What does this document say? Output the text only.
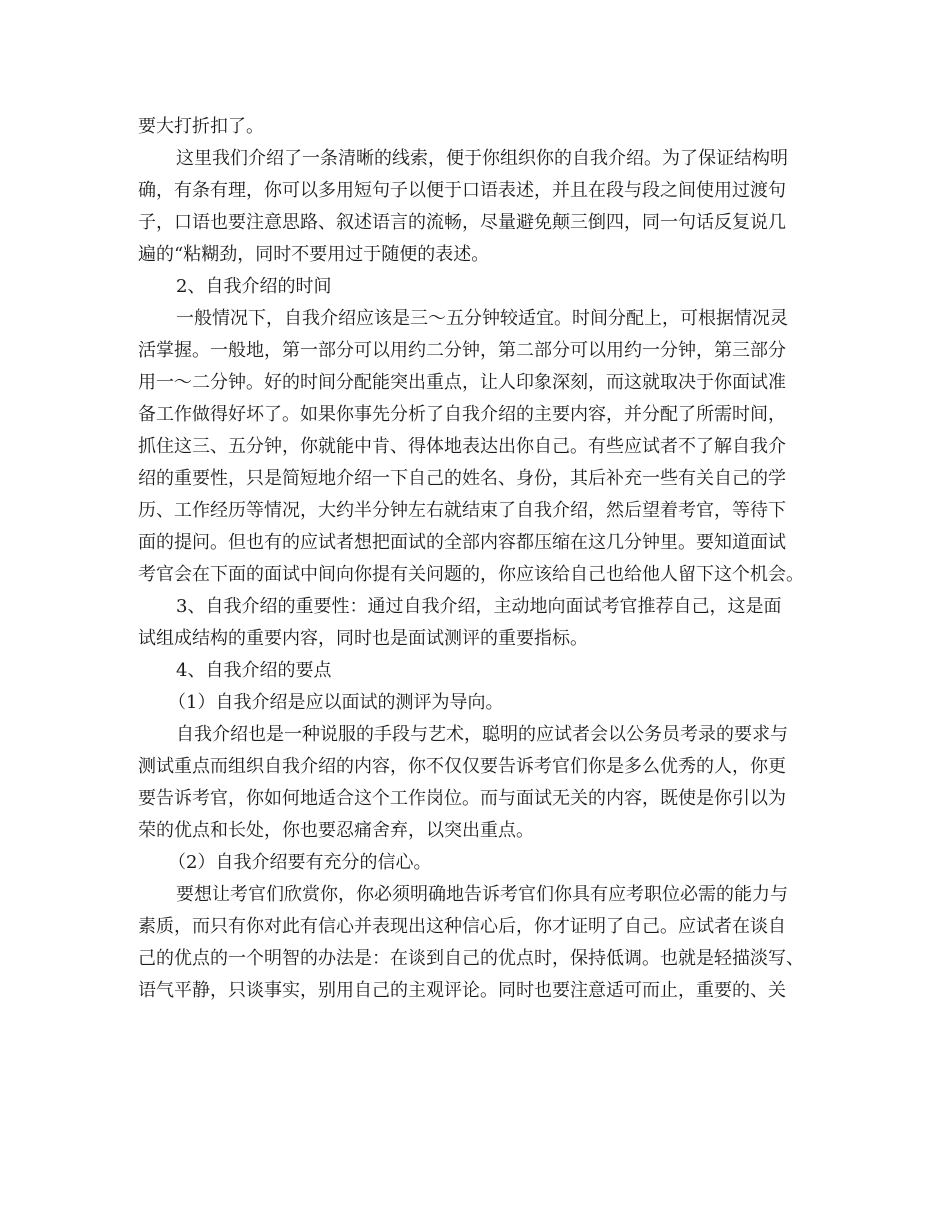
要大打折扣了。
这里我们介绍了一条清晰的线索，便于你组织你的自我介绍。为了保证结构明
确，有条有理，你可以多用短句子以便于口语表述，并且在段与段之间使用过渡句
子，口语也要注意思路、叙述语言的流畅，尽量避免颠三倒四，同一句话反复说几
遍的“粘糊劲，同时不要用过于随便的表述。
2、自我介绍的时间
一般情况下，自我介绍应该是三～五分钟较适宜。时间分配上，可根据情况灵
活掌握。一般地，第一部分可以用约二分钟，第二部分可以用约一分钟，第三部分
用一～二分钟。好的时间分配能突出重点，让人印象深刻，而这就取决于你面试准
备工作做得好坏了。如果你事先分析了自我介绍的主要内容，并分配了所需时间，
抓住这三、五分钟，你就能中肯、得体地表达出你自己。有些应试者不了解自我介
绍的重要性，只是简短地介绍一下自己的姓名、身份，其后补充一些有关自己的学
历、工作经历等情况，大约半分钟左右就结束了自我介绍，然后望着考官，等待下
面的提问。但也有的应试者想把面试的全部内容都压缩在这几分钟里。要知道面试
考官会在下面的面试中间向你提有关问题的，你应该给自己也给他人留下这个机会。
3、自我介绍的重要性：通过自我介绍，主动地向面试考官推荐自己，这是面
试组成结构的重要内容，同时也是面试测评的重要指标。
4、自我介绍的要点
（1）自我介绍是应以面试的测评为导向。
自我介绍也是一种说服的手段与艺术，聪明的应试者会以公务员考录的要求与
测试重点而组织自我介绍的内容，你不仅仅要告诉考官们你是多么优秀的人，你更
要告诉考官，你如何地适合这个工作岗位。而与面试无关的内容，既使是你引以为
荣的优点和长处，你也要忍痛舍弃，以突出重点。
（2）自我介绍要有充分的信心。
要想让考官们欣赏你，你必须明确地告诉考官们你具有应考职位必需的能力与
素质，而只有你对此有信心并表现出这种信心后，你才证明了自己。应试者在谈自
己的优点的一个明智的办法是：在谈到自己的优点时，保持低调。也就是轻描淡写、
语气平静，只谈事实，别用自己的主观评论。同时也要注意适可而止，重要的、关
